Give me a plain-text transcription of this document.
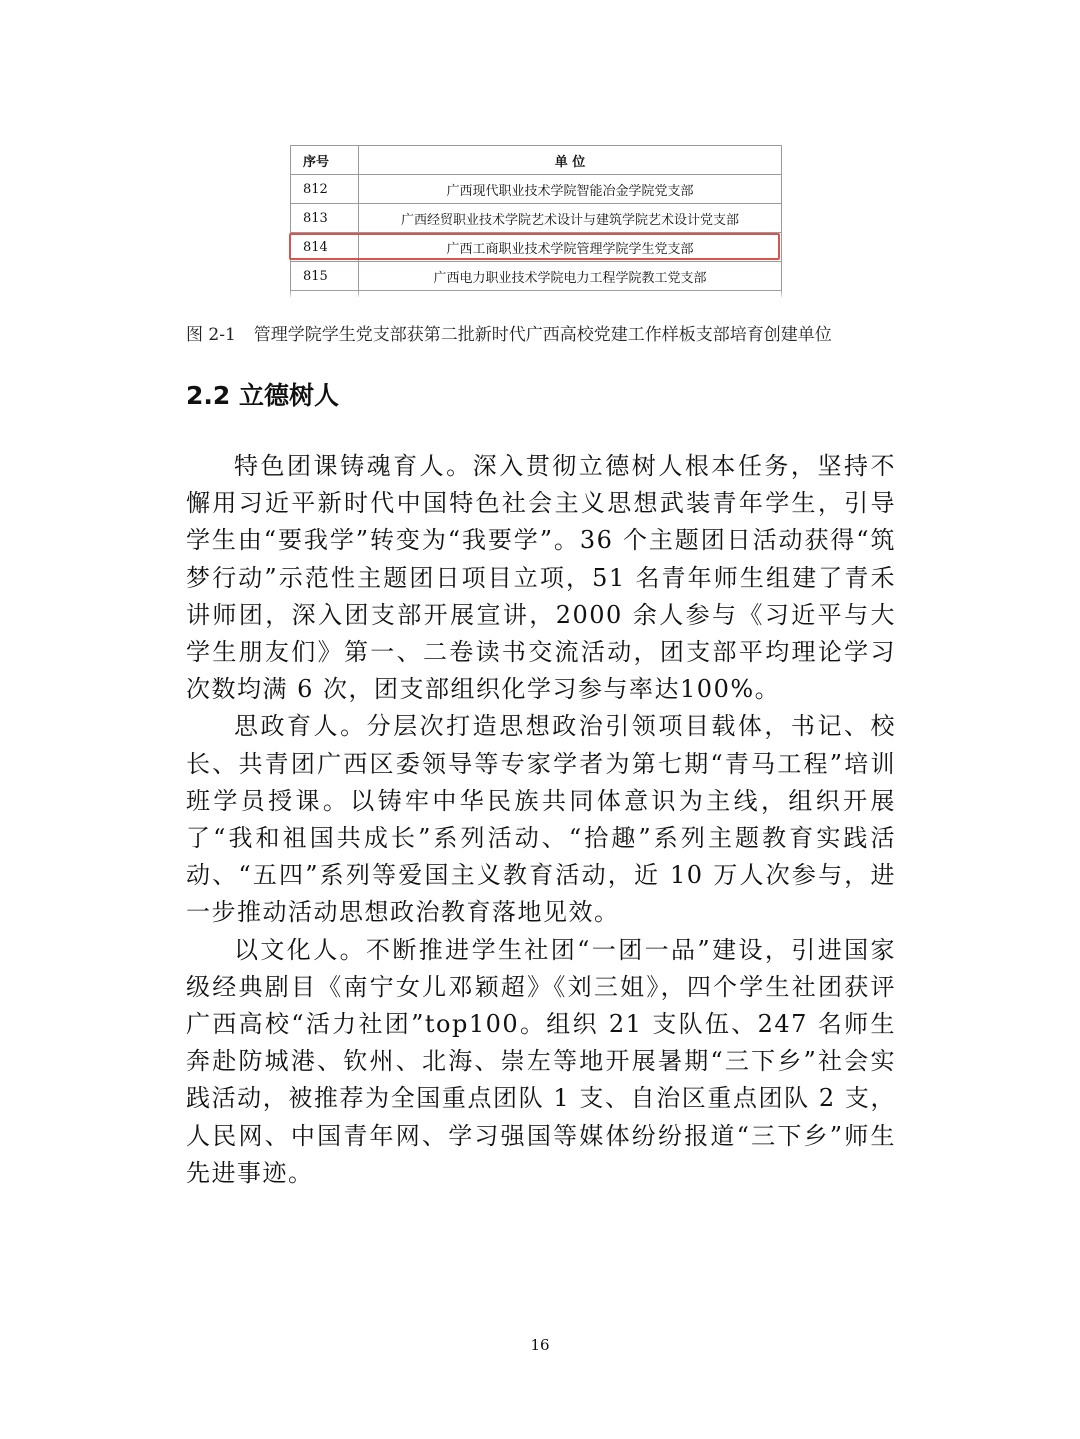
序号	单 位
812	广西现代职业技术学院智能冶金学院党支部
813	广西经贸职业技术学院艺术设计与建筑学院艺术设计党支部
814	广西工商职业技术学院管理学院学生党支部
815	广西电力职业技术学院电力工程学院教工党支部

图 2-1 管理学院学生党支部获第二批新时代广西高校党建工作样板支部培育创建单位
2.2 立德树人

特色团课铸魂育人。深入贯彻立德树人根本任务，坚持不懈用习近平新时代中国特色社会主义思想武装青年学生，引导学生由“要我学”转变为“我要学”。36 个主题团日活动获得“筑梦行动”示范性主题团日项目立项，51 名青年师生组建了青禾讲师团，深入团支部开展宣讲，2000 余人参与《习近平与大学生朋友们》第一、二卷读书交流活动，团支部平均理论学习次数均满 6 次，团支部组织化学习参与率达100%。

思政育人。分层次打造思想政治引领项目载体，书记、校长、共青团广西区委领导等专家学者为第七期“青马工程”培训班学员授课。以铸牢中华民族共同体意识为主线，组织开展了“我和祖国共成长”系列活动、“拾趣”系列主题教育实践活动、“五四”系列等爱国主义教育活动，近 10 万人次参与，进一步推动活动思想政治教育落地见效。

以文化人。不断推进学生社团“一团一品”建设，引进国家级经典剧目《南宁女儿邓颖超》《刘三姐》，四个学生社团获评广西高校“活力社团”top100。组织 21 支队伍、247 名师生奔赴防城港、钦州、北海、崇左等地开展暑期“三下乡”社会实践活动，被推荐为全国重点团队 1 支、自治区重点团队 2 支，人民网、中国青年网、学习强国等媒体纷纷报道“三下乡”师生先进事迹。

16
